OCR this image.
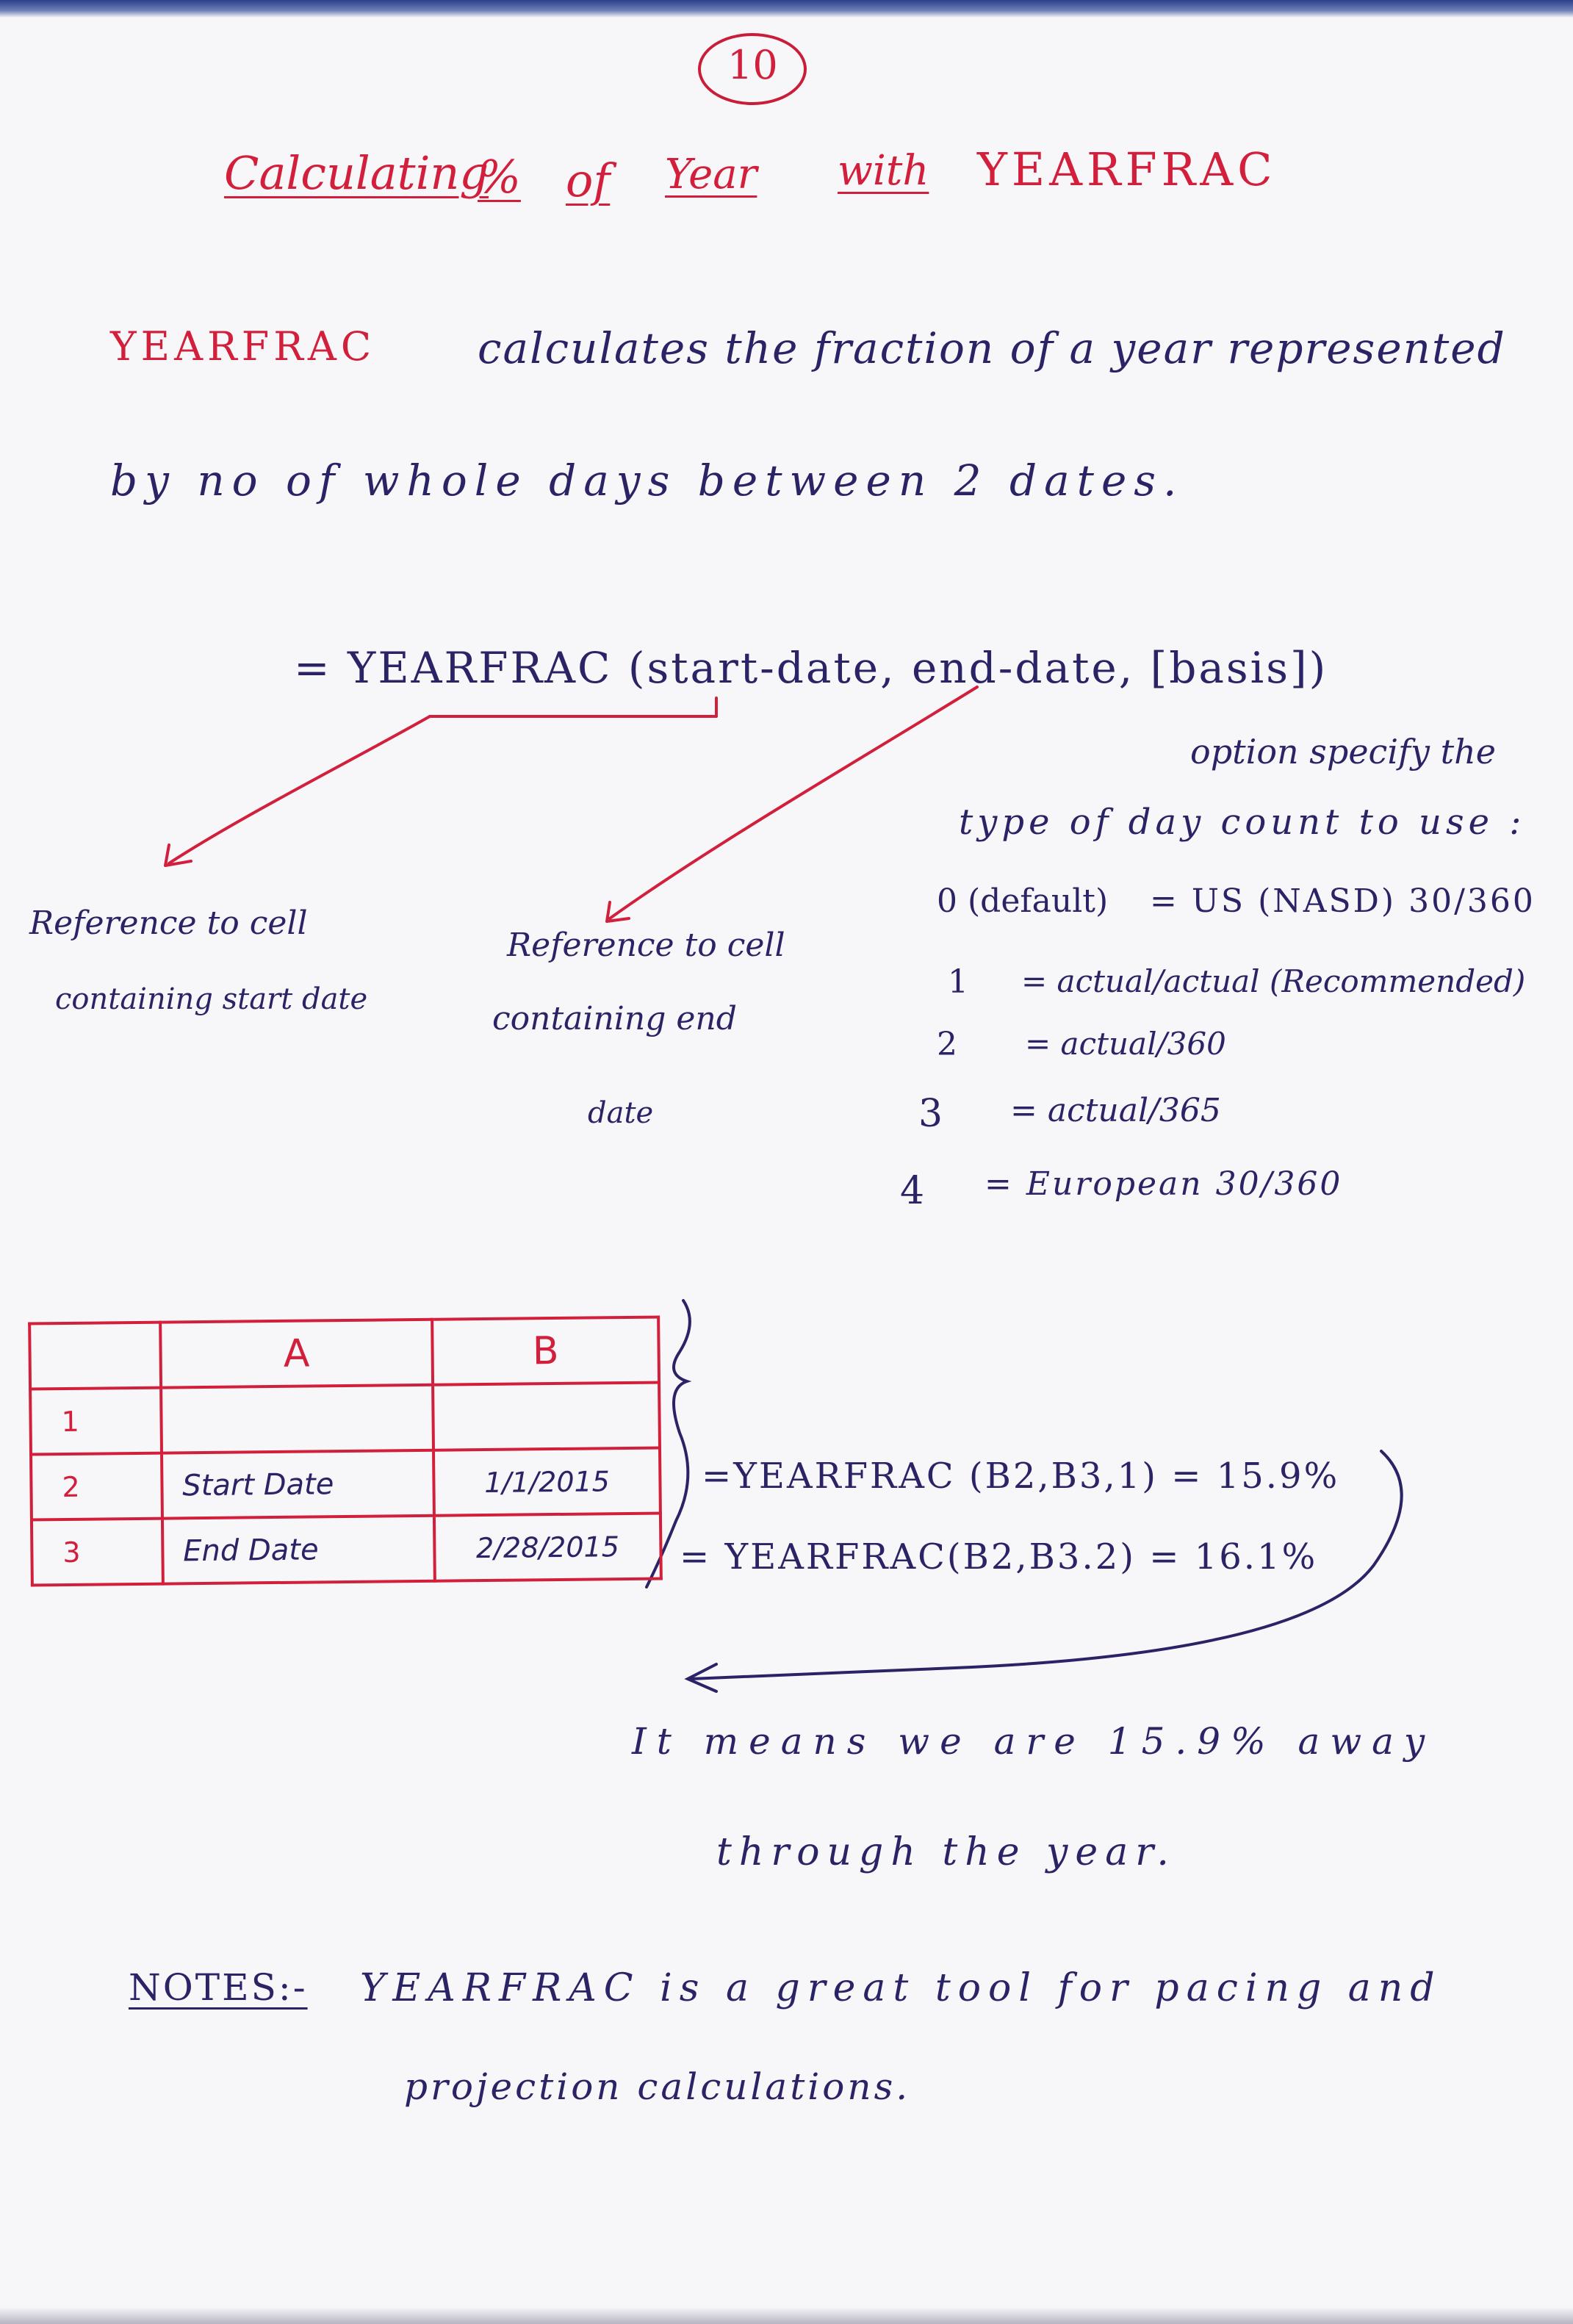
10
Calculating
% of Year with YEARFRAC
YEARFRAC calculates the fraction of a year represented
by no of whole days between 2 dates.
= YEARFRAC (start-date, end-date, [basis])
Reference to cell
containing start date
Reference to cell
containing end
date
option specify the
type of day count to use :
0 (default) = US (NASD) 30/360
1 = actual/actual (Recommended)
2 = actual/360
3 = actual/365
4 = European 30/360
	A	B
1		
2	Start Date	1/1/2015
3	End Date	2/28/2015
=YEARFRAC (B2,B3,1) = 15.9%
= YEARFRAC(B2,B3.2) = 16.1%
It means we are 15.9% away
through the year.
NOTES:- YEARFRAC is a great tool for pacing and
projection calculations.
